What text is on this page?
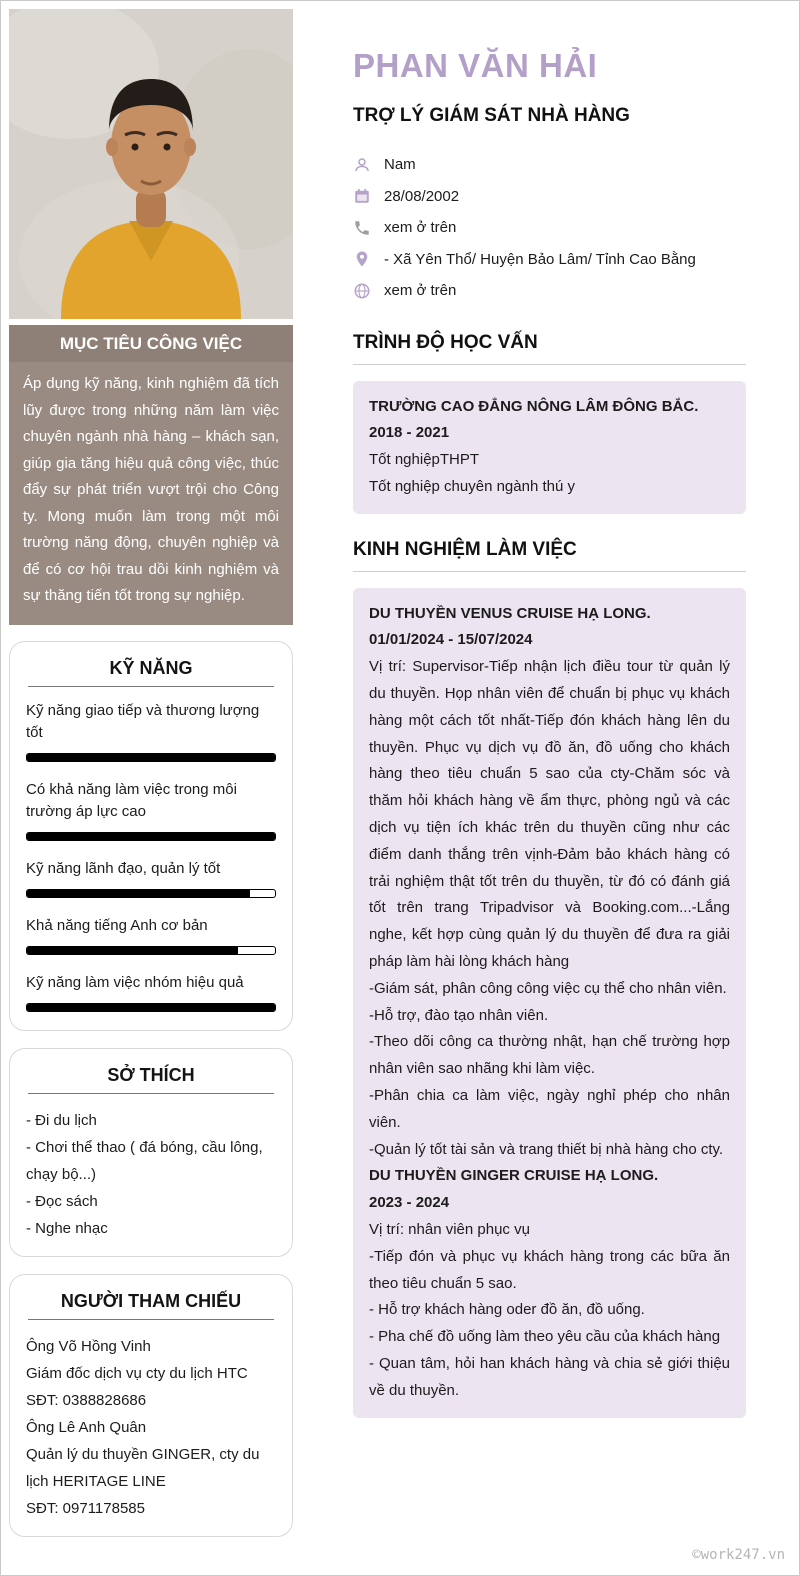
MỤC TIÊU CÔNG VIỆC

Áp dụng kỹ năng, kinh nghiệm đã tích lũy được trong những năm làm việc chuyên ngành nhà hàng – khách sạn, giúp gia tăng hiệu quả công việc, thúc đẩy sự phát triển vượt trội cho Công ty. Mong muốn làm trong một môi trường năng động, chuyên nghiệp và để có cơ hội trau dồi kinh nghiệm và sự thăng tiến tốt trong sự nghiệp.

KỸ NĂNG
Kỹ năng giao tiếp và thương lượng tốt
Có khả năng làm việc trong môi trường áp lực cao
Kỹ năng lãnh đạo, quản lý tốt
Khả năng tiếng Anh cơ bản
Kỹ năng làm việc nhóm hiệu quả
SỞ THÍCH
- Đi du lịch
- Chơi thể thao ( đá bóng, cầu lông, chạy bộ...)
- Đọc sách
- Nghe nhạc
NGƯỜI THAM CHIẾU
Ông Võ Hồng Vinh
Giám đốc dịch vụ cty du lịch HTC
SĐT: 0388828686
Ông Lê Anh Quân
Quản lý du thuyền GINGER, cty du lịch HERITAGE LINE
SĐT: 0971178585
PHAN VĂN HẢI
TRỢ LÝ GIÁM SÁT NHÀ HÀNG
Nam
28/08/2002
xem ở trên
- Xã Yên Thổ/ Huyện Bảo Lâm/ Tỉnh Cao Bằng
xem ở trên
TRÌNH ĐỘ HỌC VẤN
TRƯỜNG CAO ĐẲNG NÔNG LÂM ĐÔNG BẮC.
2018 - 2021
Tốt nghiệpTHPT
Tốt nghiệp chuyên ngành thú y
KINH NGHIỆM LÀM VIỆC
DU THUYỀN VENUS CRUISE HẠ LONG.
01/01/2024 - 15/07/2024
Vị trí: Supervisor-Tiếp nhận lịch điều tour từ quản lý du thuyền. Họp nhân viên để chuẩn bị phục vụ khách hàng một cách tốt nhất-Tiếp đón khách hàng lên du thuyền. Phục vụ dịch vụ đồ ăn, đồ uống cho khách hàng theo tiêu chuẩn 5 sao của cty-Chăm sóc và thăm hỏi khách hàng về ẩm thực, phòng ngủ và các dịch vụ tiện ích khác trên du thuyền cũng như các điểm danh thắng trên vịnh-Đảm bảo khách hàng có trải nghiệm thật tốt trên du thuyền, từ đó có đánh giá tốt trên trang Tripadvisor và Booking.com...-Lắng nghe, kết hợp cùng quản lý du thuyền để đưa ra giải pháp làm hài lòng khách hàng
-Giám sát, phân công công việc cụ thể cho nhân viên.
-Hỗ trợ, đào tạo nhân viên.
-Theo dõi công ca thường nhật, hạn chế trường hợp nhân viên sao nhãng khi làm việc.
-Phân chia ca làm việc, ngày nghỉ phép cho nhân viên.
-Quản lý tốt tài sản và trang thiết bị nhà hàng cho cty.
DU THUYỀN GINGER CRUISE HẠ LONG.
2023 - 2024
Vị trí: nhân viên phục vụ
-Tiếp đón và phục vụ khách hàng trong các bữa ăn theo tiêu chuẩn 5 sao.
- Hỗ trợ khách hàng oder đồ ăn, đồ uống.
- Pha chế đồ uống làm theo yêu cầu của khách hàng
- Quan tâm, hỏi han khách hàng và chia sẻ giới thiệu về du thuyền.
©work247.vn
